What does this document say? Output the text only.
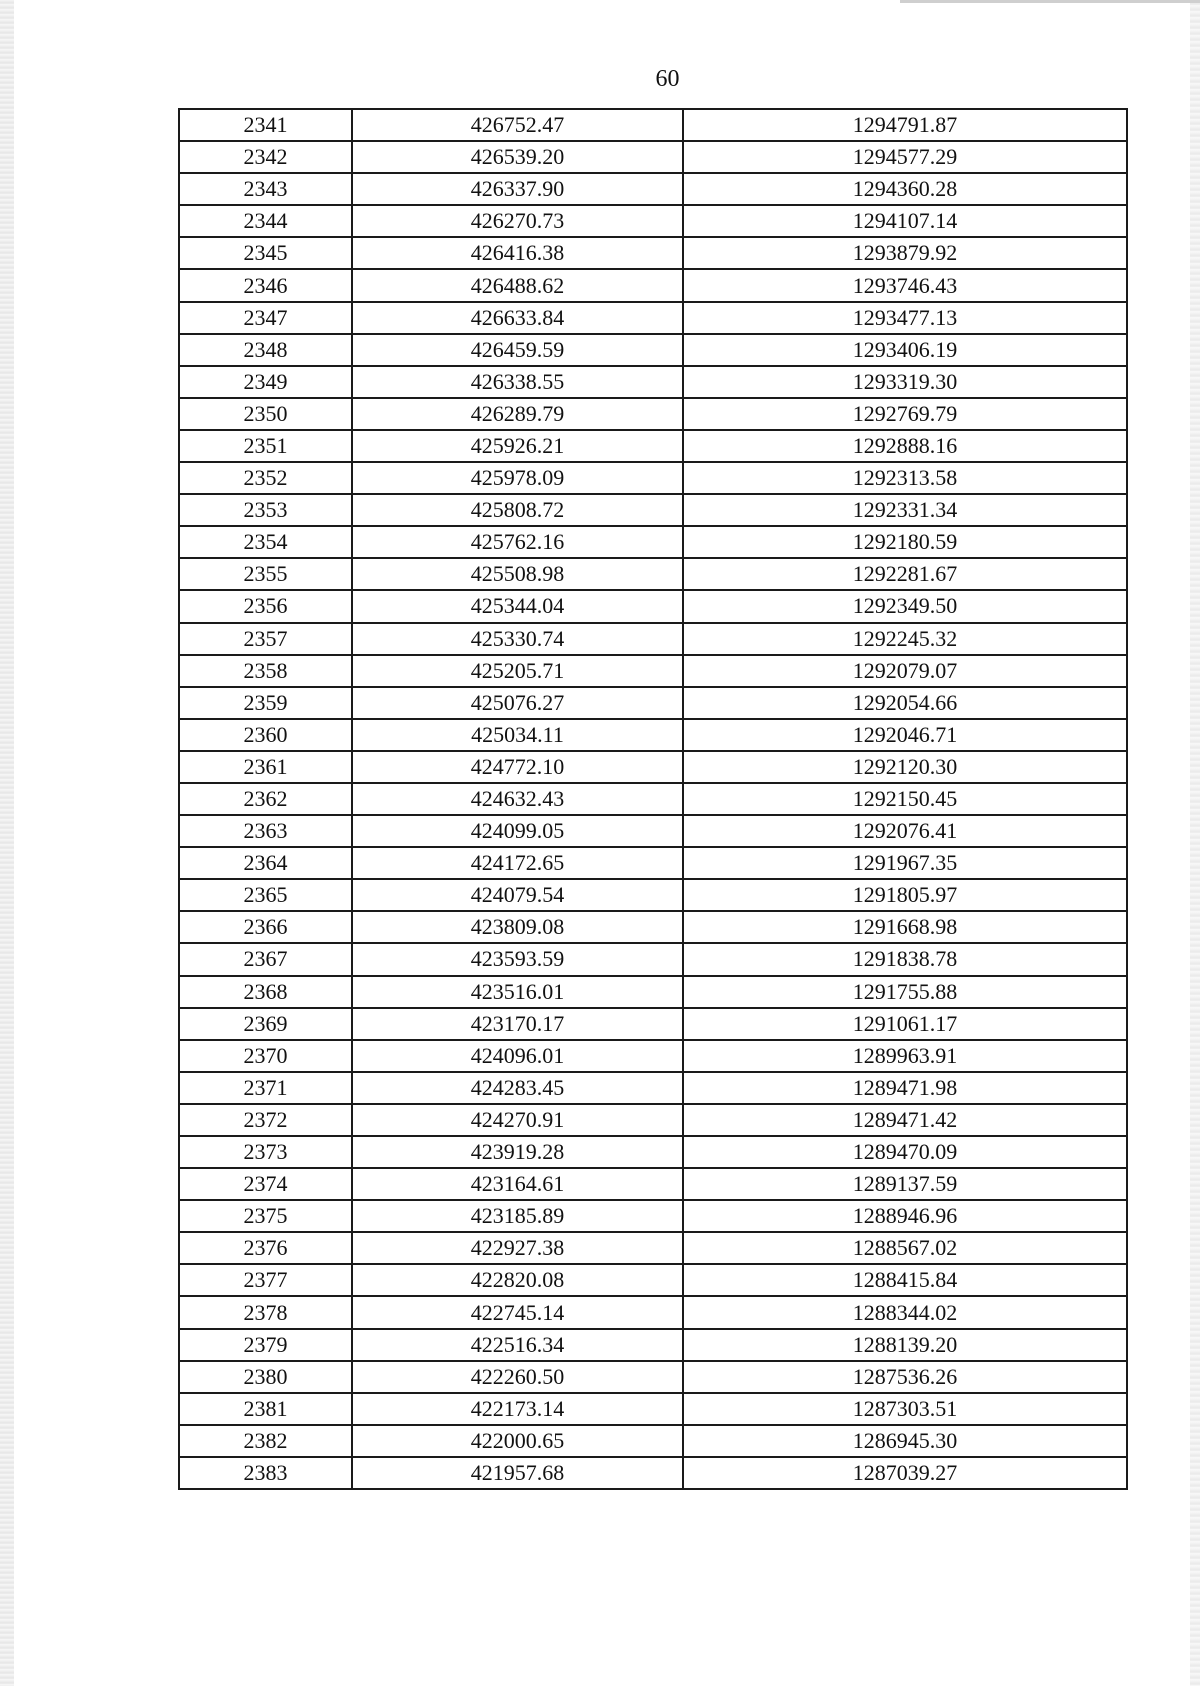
60
2341	426752.47	1294791.87
2342	426539.20	1294577.29
2343	426337.90	1294360.28
2344	426270.73	1294107.14
2345	426416.38	1293879.92
2346	426488.62	1293746.43
2347	426633.84	1293477.13
2348	426459.59	1293406.19
2349	426338.55	1293319.30
2350	426289.79	1292769.79
2351	425926.21	1292888.16
2352	425978.09	1292313.58
2353	425808.72	1292331.34
2354	425762.16	1292180.59
2355	425508.98	1292281.67
2356	425344.04	1292349.50
2357	425330.74	1292245.32
2358	425205.71	1292079.07
2359	425076.27	1292054.66
2360	425034.11	1292046.71
2361	424772.10	1292120.30
2362	424632.43	1292150.45
2363	424099.05	1292076.41
2364	424172.65	1291967.35
2365	424079.54	1291805.97
2366	423809.08	1291668.98
2367	423593.59	1291838.78
2368	423516.01	1291755.88
2369	423170.17	1291061.17
2370	424096.01	1289963.91
2371	424283.45	1289471.98
2372	424270.91	1289471.42
2373	423919.28	1289470.09
2374	423164.61	1289137.59
2375	423185.89	1288946.96
2376	422927.38	1288567.02
2377	422820.08	1288415.84
2378	422745.14	1288344.02
2379	422516.34	1288139.20
2380	422260.50	1287536.26
2381	422173.14	1287303.51
2382	422000.65	1286945.30
2383	421957.68	1287039.27
